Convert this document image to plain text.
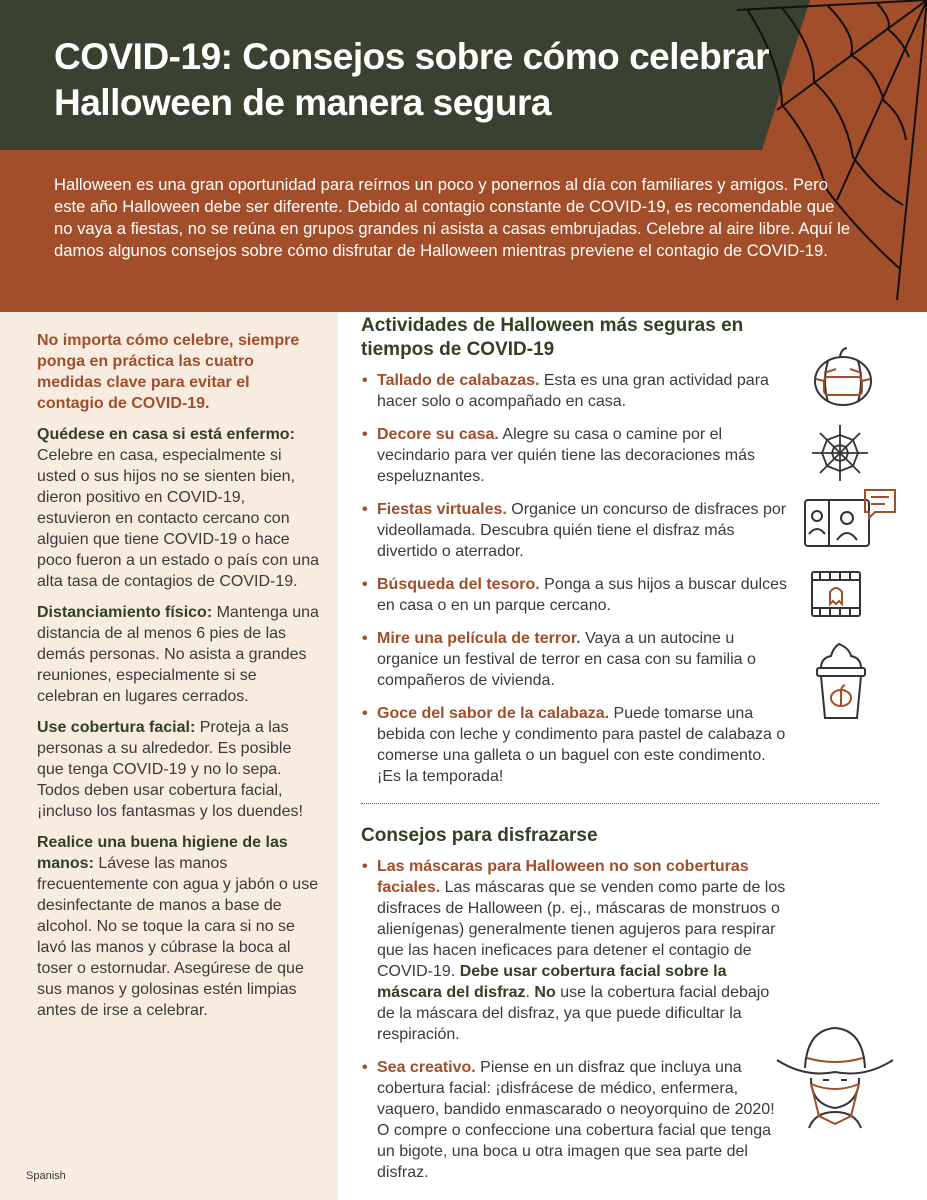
COVID-19: Consejos sobre cómo celebrar Halloween de manera segura

Halloween es una gran oportunidad para reírnos un poco y ponernos al día con familiares y amigos. Pero este año Halloween debe ser diferente. Debido al contagio constante de COVID-19, es recomendable que no vaya a fiestas, no se reúna en grupos grandes ni asista a casas embrujadas. Celebre al aire libre. Aquí le damos algunos consejos sobre cómo disfrutar de Halloween mientras previene el contagio de COVID-19.

No importa cómo celebre, siempre ponga en práctica las cuatro medidas clave para evitar el contagio de COVID-19.

Quédese en casa si está enfermo: Celebre en casa, especialmente si usted o sus hijos no se sienten bien, dieron positivo en COVID-19, estuvieron en contacto cercano con alguien que tiene COVID-19 o hace poco fueron a un estado o país con una alta tasa de contagios de COVID-19.

Distanciamiento físico: Mantenga una distancia de al menos 6 pies de las demás personas. No asista a grandes reuniones, especialmente si se celebran en lugares cerrados.

Use cobertura facial: Proteja a las personas a su alrededor. Es posible que tenga COVID-19 y no lo sepa. Todos deben usar cobertura facial, ¡incluso los fantasmas y los duendes!

Realice una buena higiene de las manos: Lávese las manos frecuentemente con agua y jabón o use desinfectante de manos a base de alcohol. No se toque la cara si no se lavó las manos y cúbrase la boca al toser o estornudar. Asegúrese de que sus manos y golosinas estén limpias antes de irse a celebrar.

Actividades de Halloween más seguras en tiempos de COVID-19
• Tallado de calabazas. Esta es una gran actividad para hacer solo o acompañado en casa.
• Decore su casa. Alegre su casa o camine por el vecindario para ver quién tiene las decoraciones más espeluznantes.
• Fiestas virtuales. Organice un concurso de disfraces por videollamada. Descubra quién tiene el disfraz más divertido o aterrador.
• Búsqueda del tesoro. Ponga a sus hijos a buscar dulces en casa o en un parque cercano.
• Mire una película de terror. Vaya a un autocine u organice un festival de terror en casa con su familia o compañeros de vivienda.
• Goce del sabor de la calabaza. Puede tomarse una bebida con leche y condimento para pastel de calabaza o comerse una galleta o un baguel con este condimento. ¡Es la temporada!
Consejos para disfrazarse
• Las máscaras para Halloween no son coberturas faciales. Las máscaras que se venden como parte de los disfraces de Halloween (p. ej., máscaras de monstruos o alienígenas) generalmente tienen agujeros para respirar que las hacen ineficaces para detener el contagio de COVID-19. Debe usar cobertura facial sobre la máscara del disfraz. No use la cobertura facial debajo de la máscara del disfraz, ya que puede dificultar la respiración.
• Sea creativo. Piense en un disfraz que incluya una cobertura facial: ¡disfrácese de médico, enfermera, vaquero, bandido enmascarado o neoyorquino de 2020! O compre o confeccione una cobertura facial que tenga un bigote, una boca u otra imagen que sea parte del disfraz.
Spanish
